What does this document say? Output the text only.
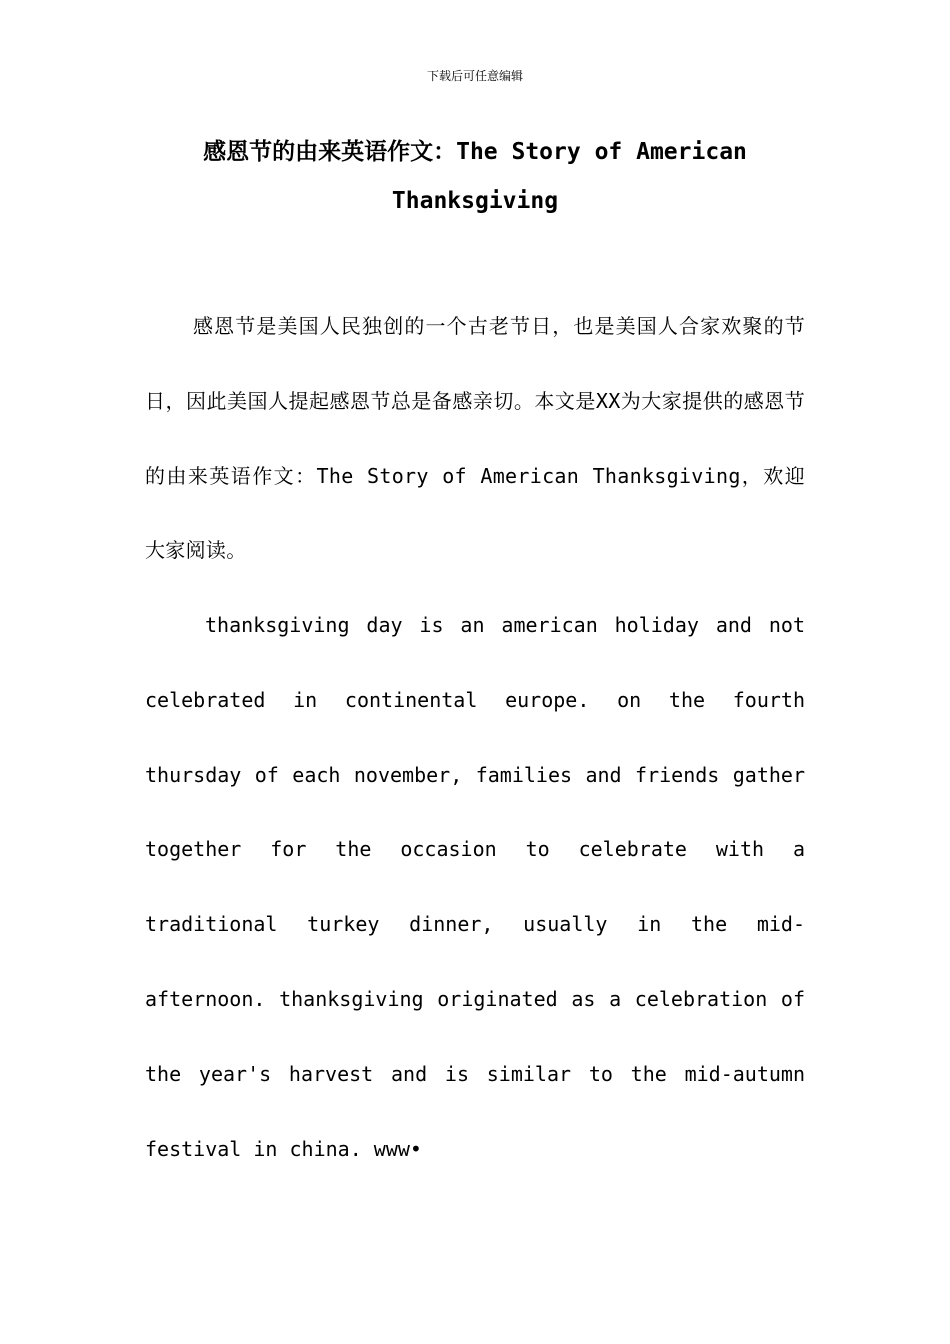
下载后可任意编辑
感恩节的由来英语作文：The Story of American
Thanksgiving

感恩节是美国人民独创的一个古老节日，也是美国人合家欢聚的节日，因此美国人提起感恩节总是备感亲切。本文是XX为大家提供的感恩节的由来英语作文：The Story of American Thanksgiving，欢迎大家阅读。

thanksgiving day is an american holiday and not celebrated in continental europe. on the fourth thursday of each november, families and friends gather together for the occasion to celebrate with a traditional turkey dinner, usually in the mid-afternoon. thanksgiving originated as a celebration of the year's harvest and is similar to the mid-autumn festival in china. www•
